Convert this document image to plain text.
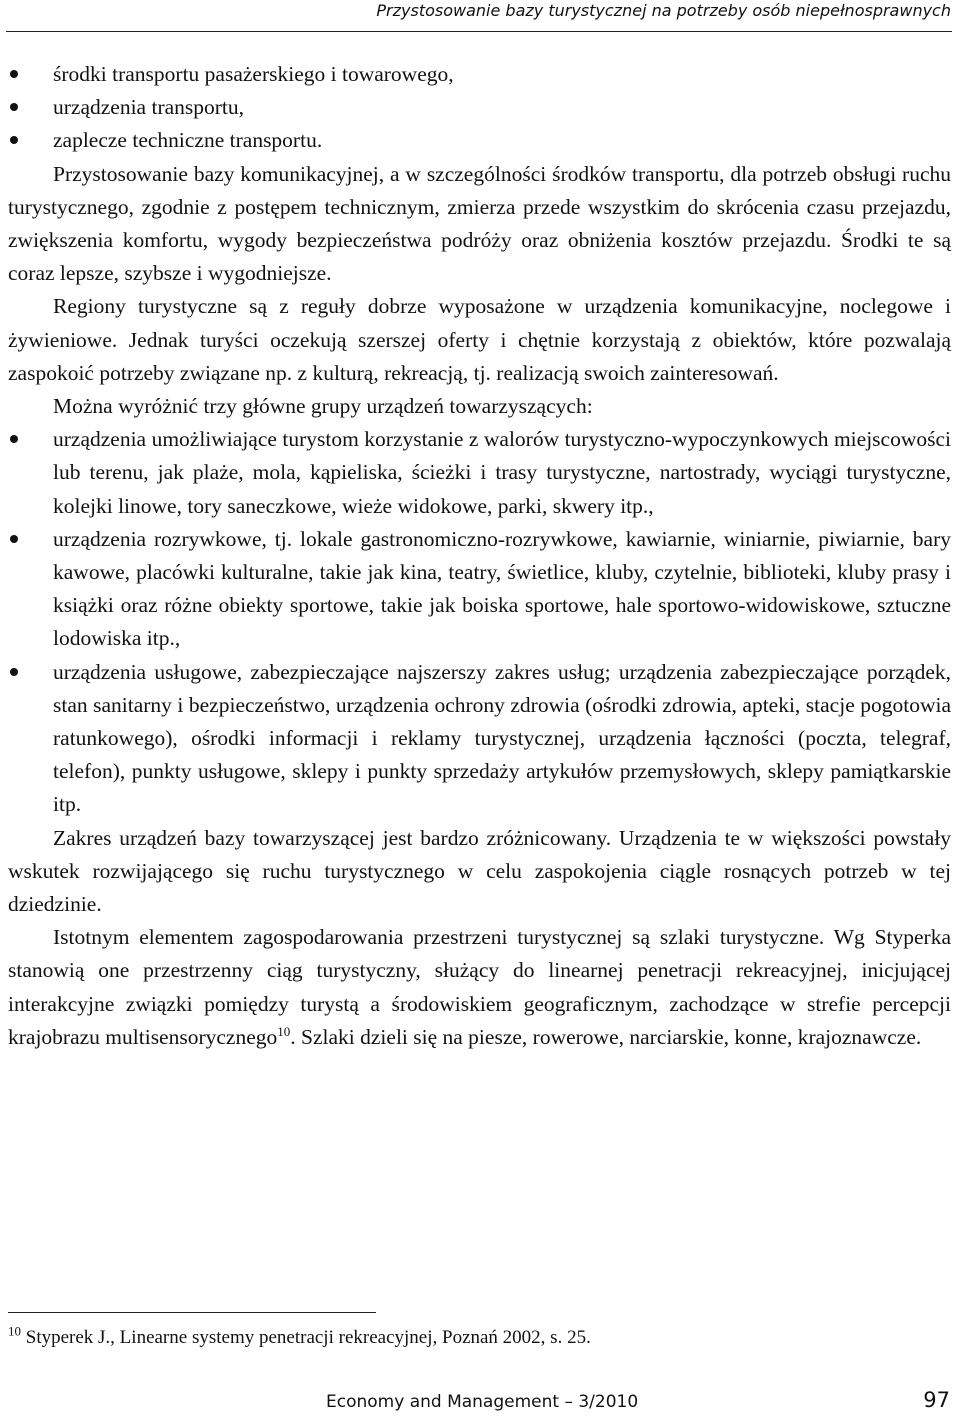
Przystosowanie bazy turystycznej na potrzeby osób niepełnosprawnych
środki transportu pasażerskiego i towarowego,
urządzenia transportu,
zaplecze techniczne transportu.

Przystosowanie bazy komunikacyjnej, a w szczególności środków transportu, dla potrzeb obsługi ruchu turystycznego, zgodnie z postępem technicznym, zmierza przede wszystkim do skrócenia czasu przejazdu, zwiększenia komfortu, wygody bezpieczeństwa podróży oraz obniżenia kosztów przejazdu. Środki te są coraz lepsze, szybsze i wygodniejsze.

Regiony turystyczne są z reguły dobrze wyposażone w urządzenia komunikacyjne, noclegowe i żywieniowe. Jednak turyści oczekują szerszej oferty i chętnie korzystają z obiektów, które pozwalają zaspokoić potrzeby związane np. z kulturą, rekreacją, tj. realizacją swoich zainteresowań.

Można wyróżnić trzy główne grupy urządzeń towarzyszących:

urządzenia umożliwiające turystom korzystanie z walorów turystyczno-wypoczynkowych miejscowości lub terenu, jak plaże, mola, kąpieliska, ścieżki i trasy turystyczne, nartostrady, wyciągi turystyczne, kolejki linowe, tory saneczkowe, wieże widokowe, parki, skwery itp.,
urządzenia rozrywkowe, tj. lokale gastronomiczno-rozrywkowe, kawiarnie, winiarnie, piwiarnie, bary kawowe, placówki kulturalne, takie jak kina, teatry, świetlice, kluby, czytelnie, biblioteki, kluby prasy i książki oraz różne obiekty sportowe, takie jak boiska sportowe, hale sportowo-widowiskowe, sztuczne lodowiska itp.,
urządzenia usługowe, zabezpieczające najszerszy zakres usług; urządzenia zabezpieczające porządek, stan sanitarny i bezpieczeństwo, urządzenia ochrony zdrowia (ośrodki zdrowia, apteki, stacje pogotowia ratunkowego), ośrodki informacji i reklamy turystycznej, urządzenia łączności (poczta, telegraf, telefon), punkty usługowe, sklepy i punkty sprzedaży artykułów przemysłowych, sklepy pamiątkarskie itp.

Zakres urządzeń bazy towarzyszącej jest bardzo zróżnicowany. Urządzenia te w większości powstały wskutek rozwijającego się ruchu turystycznego w celu zaspokojenia ciągle rosnących potrzeb w tej dziedzinie.

Istotnym elementem zagospodarowania przestrzeni turystycznej są szlaki turystyczne. Wg Styperka stanowią one przestrzenny ciąg turystyczny, służący do linearnej penetracji rekreacyjnej, inicjującej interakcyjne związki pomiędzy turystą a środowiskiem geograficznym, zachodzące w strefie percepcji krajobrazu multisensorycznego$^{10}$. Szlaki dzieli się na piesze, rowerowe, narciarskie, konne, krajoznawcze.

$^{10}$ Styperek J., Linearne systemy penetracji rekreacyjnej, Poznań 2002, s. 25.
Economy and Management – 3/2010	97
